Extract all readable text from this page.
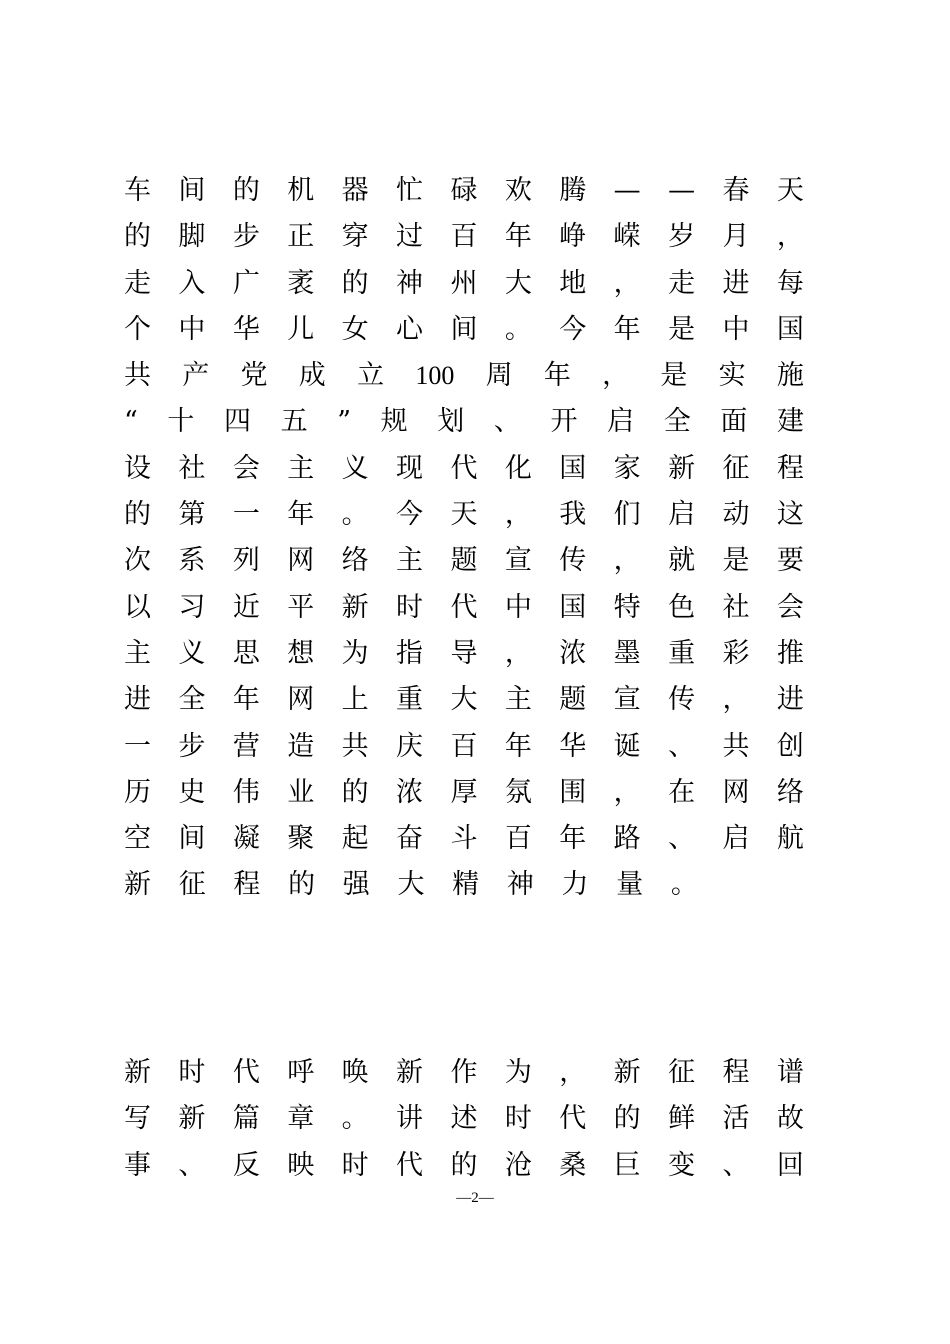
车 间 的 机 器 忙 碌 欢 腾 — — 春 天
的 脚 步 正 穿 过 百 年 峥 嵘 岁 月 ，
走 入 广 袤 的 神 州 大 地 ， 走 进 每
个 中 华 儿 女 心 间 。 今 年 是 中 国
共 产 党 成 立 100 周 年 ， 是 实 施
“ 十 四 五 ” 规 划 、 开 启 全 面 建
设 社 会 主 义 现 代 化 国 家 新 征 程
的 第 一 年 。 今 天 ， 我 们 启 动 这
次 系 列 网 络 主 题 宣 传 ， 就 是 要
以 习 近 平 新 时 代 中 国 特 色 社 会
主 义 思 想 为 指 导 ， 浓 墨 重 彩 推
进 全 年 网 上 重 大 主 题 宣 传 ， 进
一 步 营 造 共 庆 百 年 华 诞 、 共 创
历 史 伟 业 的 浓 厚 氛 围 ， 在 网 络
空 间 凝 聚 起 奋 斗 百 年 路 、 启 航
新 征 程 的 强 大 精 神 力 量 。
新 时 代 呼 唤 新 作 为 ， 新 征 程 谱
写 新 篇 章 。 讲 述 时 代 的 鲜 活 故
事 、 反 映 时 代 的 沧 桑 巨 变 、 回
—2—
